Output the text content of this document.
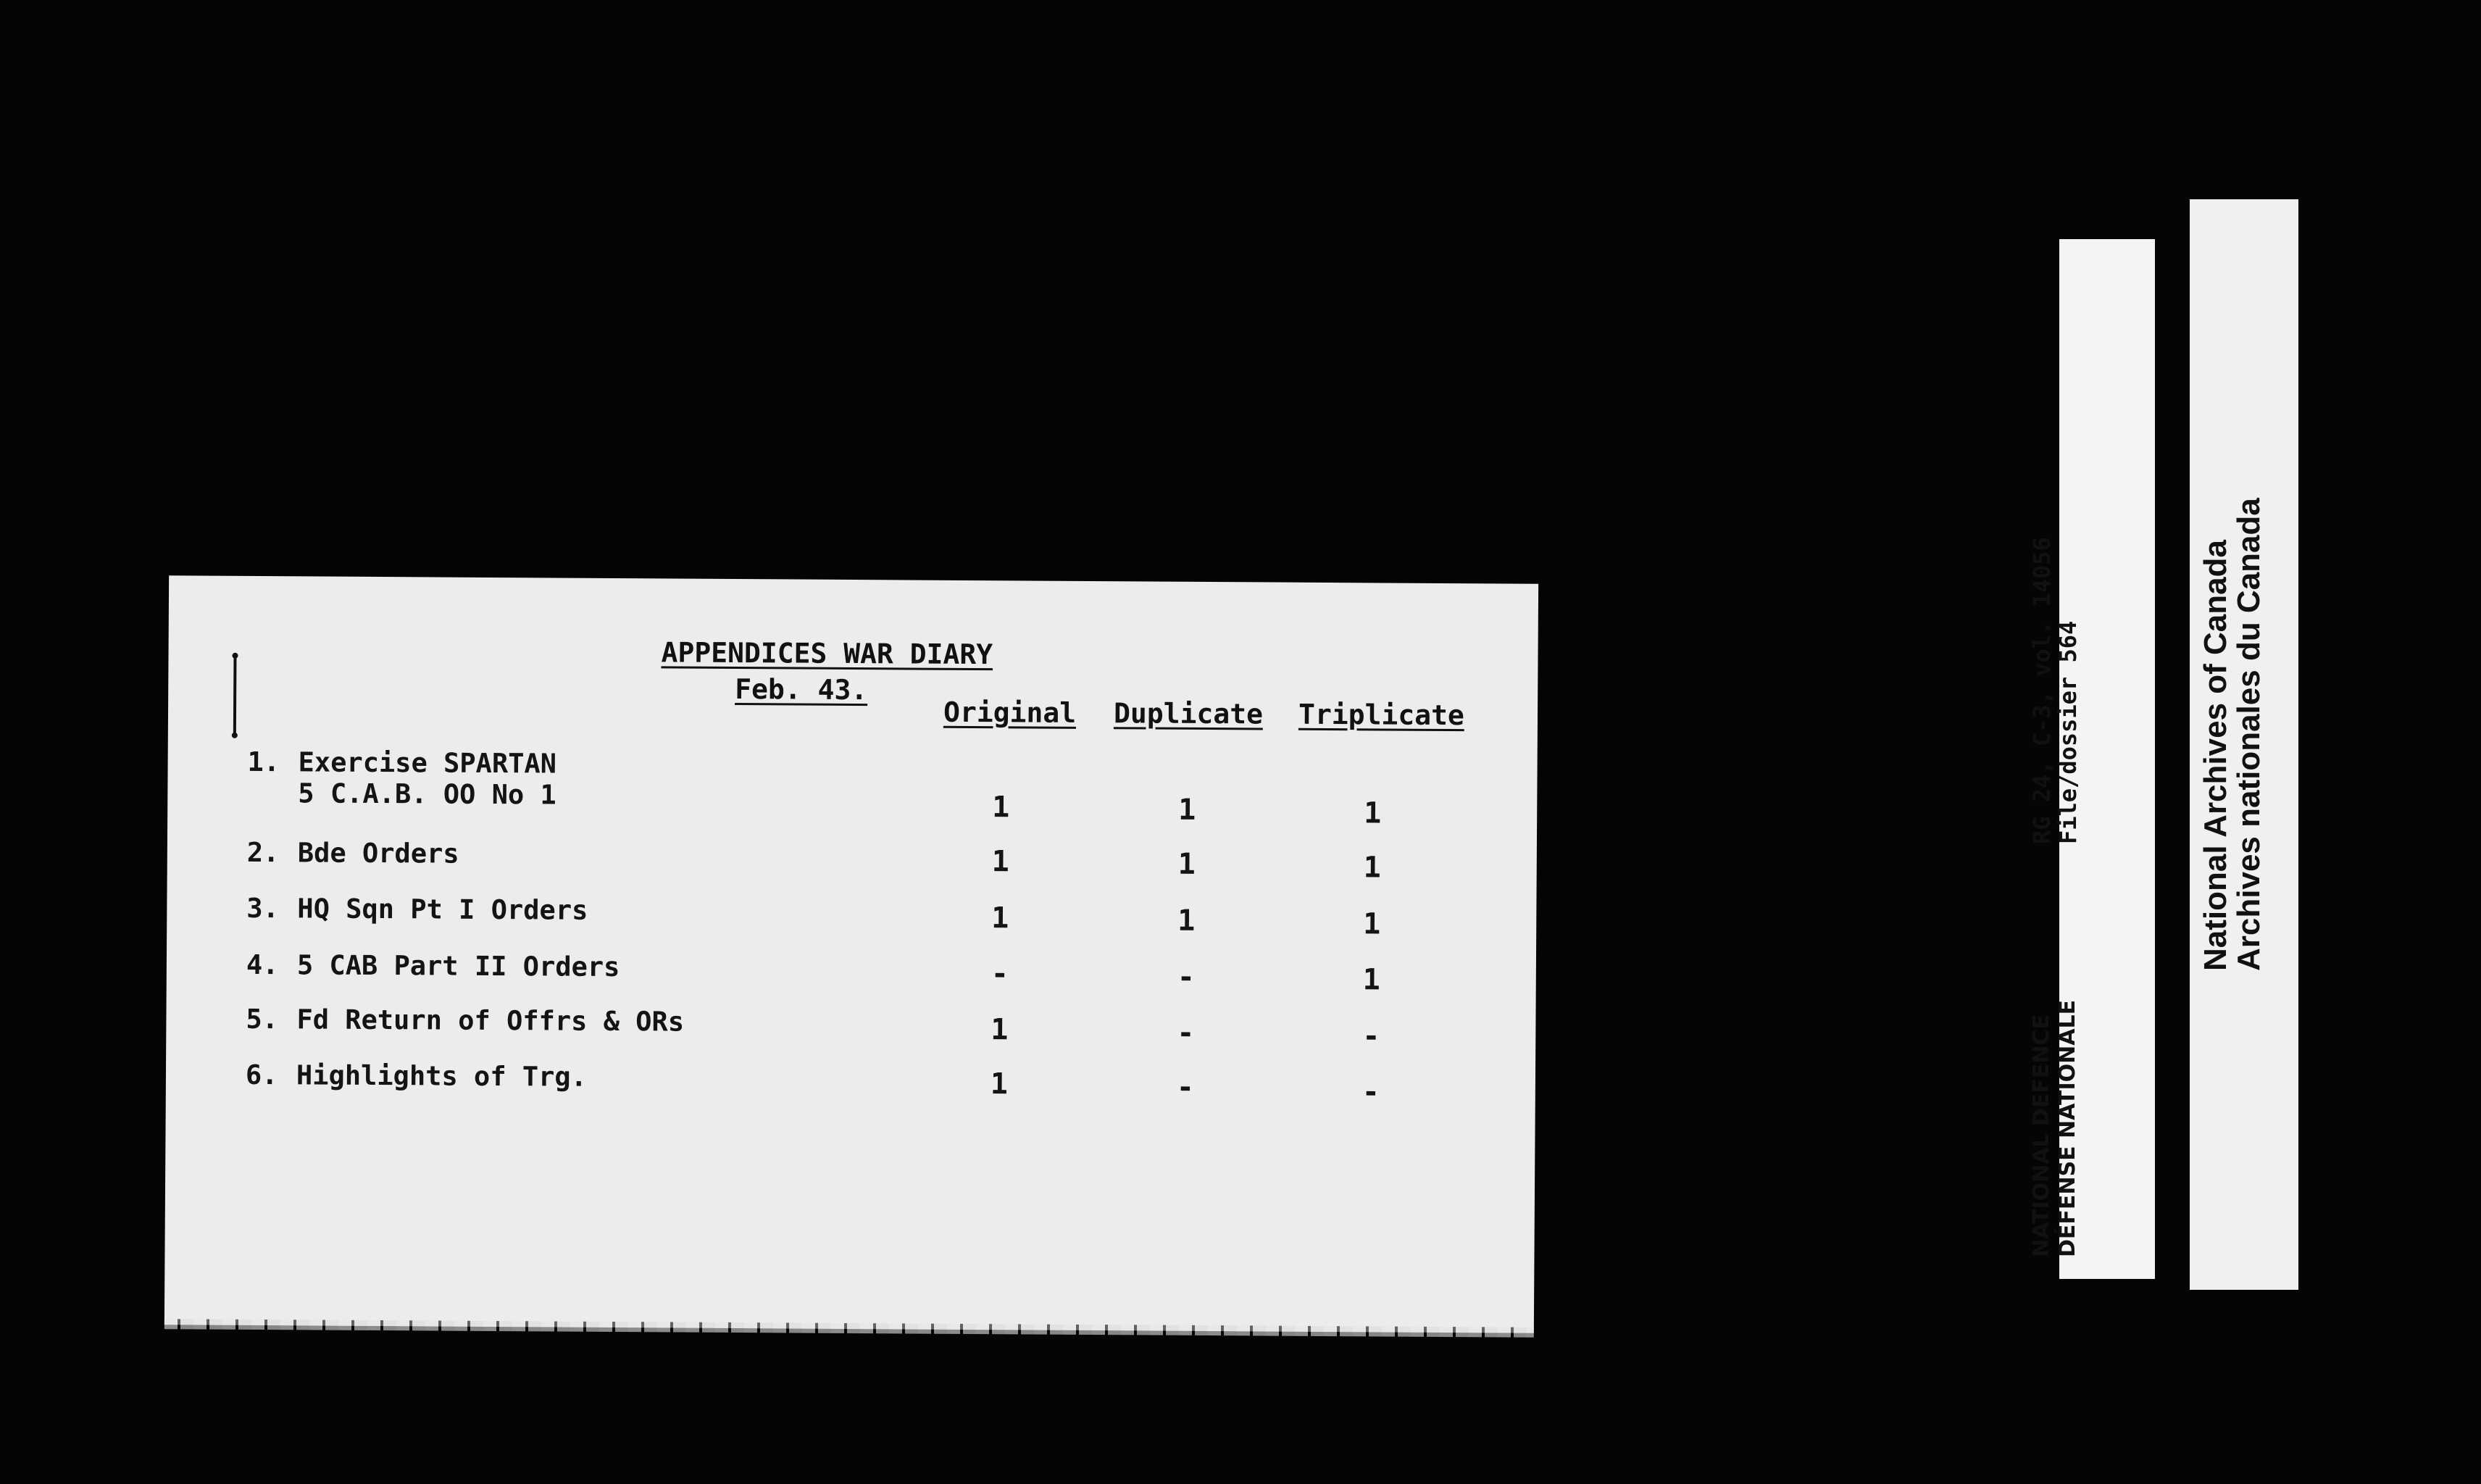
APPENDICES WAR DIARY
Feb. 43.
Original Duplicate Triplicate
1. Exercise SPARTAN
5 C.A.B. OO No 1	1	1	1
2. Bde Orders	1	1	1
3. HQ Sqn Pt I Orders	1	1	1
4. 5 CAB Part II Orders	-	-	1
5. Fd Return of Offrs & ORs	1	-	-
6. Highlights of Trg.	1	-	-
RG 24, C-3, vol. 14056
File/dossier 564
NATIONAL DEFENCE
DÉFENSE NATIONALE
National Archives of Canada
Archives nationales du Canada
